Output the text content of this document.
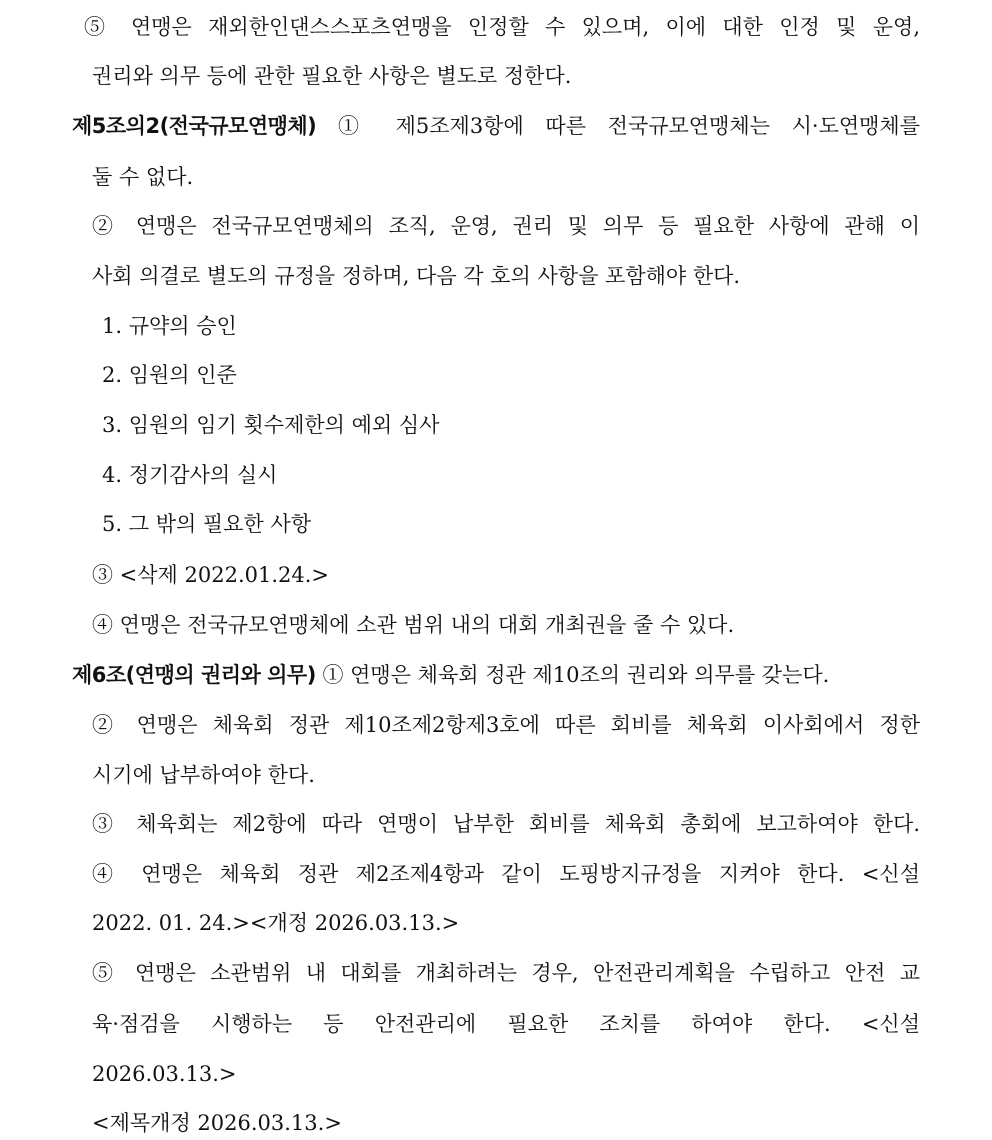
⑤ 연맹은 재외한인댄스스포츠연맹을 인정할 수 있으며, 이에 대한 인정 및 운영,
권리와 의무 등에 관한 필요한 사항은 별도로 정한다.
제5조의2(전국규모연맹체) ① 제5조제3항에 따른 전국규모연맹체는 시·도연맹체를
둘 수 없다.
② 연맹은 전국규모연맹체의 조직, 운영, 권리 및 의무 등 필요한 사항에 관해 이
사회 의결로 별도의 규정을 정하며, 다음 각 호의 사항을 포함해야 한다.
1. 규약의 승인
2. 임원의 인준
3. 임원의 임기 횟수제한의 예외 심사
4. 정기감사의 실시
5. 그 밖의 필요한 사항
③ <삭제 2022.01.24.>
④ 연맹은 전국규모연맹체에 소관 범위 내의 대회 개최권을 줄 수 있다.
제6조(연맹의 권리와 의무) ① 연맹은 체육회 정관 제10조의 권리와 의무를 갖는다.
② 연맹은 체육회 정관 제10조제2항제3호에 따른 회비를 체육회 이사회에서 정한
시기에 납부하여야 한다.
③ 체육회는 제2항에 따라 연맹이 납부한 회비를 체육회 총회에 보고하여야 한다.
④ 연맹은 체육회 정관 제2조제4항과 같이 도핑방지규정을 지켜야 한다. <신설
2022. 01. 24.><개정 2026.03.13.>
⑤ 연맹은 소관범위 내 대회를 개최하려는 경우, 안전관리계획을 수립하고 안전 교
육·점검을 시행하는 등 안전관리에 필요한 조치를 하여야 한다. <신설
2026.03.13.>
<제목개정 2026.03.13.>
